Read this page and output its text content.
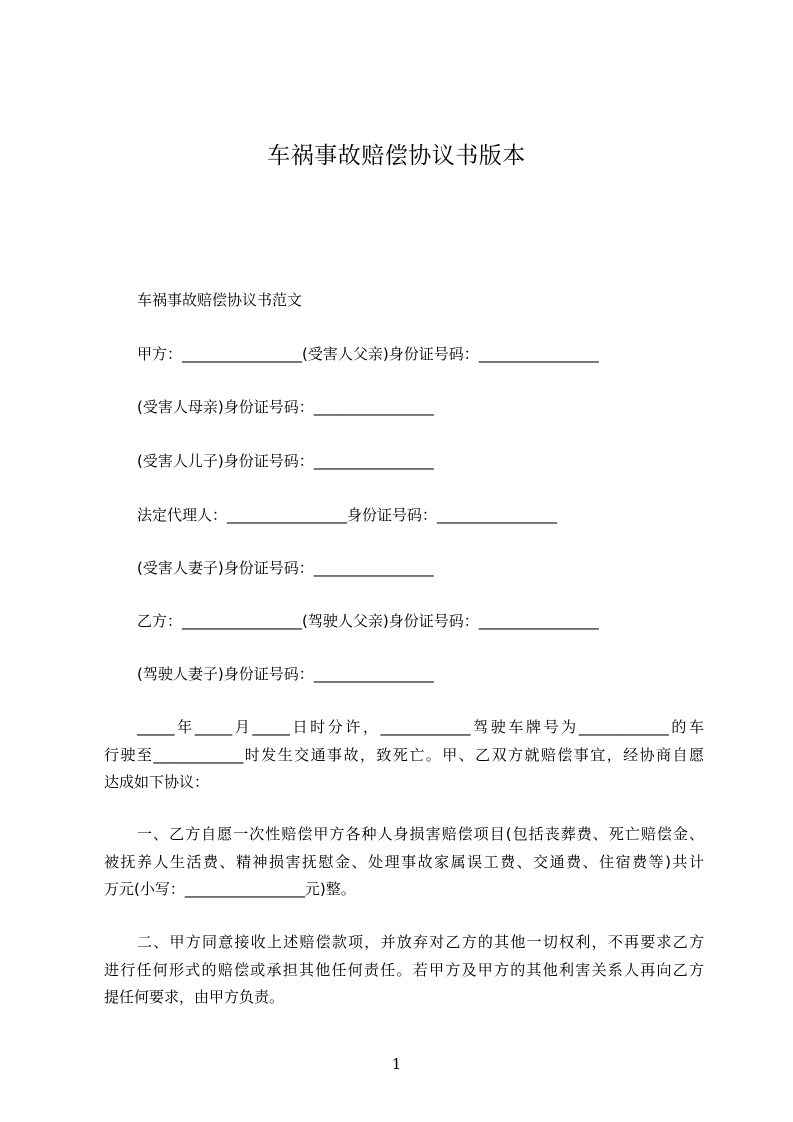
车祸事故赔偿协议书版本
车祸事故赔偿协议书范文
甲方：________________(受害人父亲)身份证号码：________________
(受害人母亲)身份证号码：________________
(受害人儿子)身份证号码：________________
法定代理人：________________身份证号码：________________
(受害人妻子)身份证号码：________________
乙方：________________(驾驶人父亲)身份证号码：________________
(驾驶人妻子)身份证号码：________________
_____年_____月_____日时分许，____________驾驶车牌号为____________的车
行驶至____________时发生交通事故，致死亡。甲、乙双方就赔偿事宜，经协商自愿
达成如下协议：
一、乙方自愿一次性赔偿甲方各种人身损害赔偿项目(包括丧葬费、死亡赔偿金、
被抚养人生活费、精神损害抚慰金、处理事故家属误工费、交通费、住宿费等)共计
万元(小写：________________元)整。
二、甲方同意接收上述赔偿款项，并放弃对乙方的其他一切权利，不再要求乙方
进行任何形式的赔偿或承担其他任何责任。若甲方及甲方的其他利害关系人再向乙方
提任何要求，由甲方负责。
1
